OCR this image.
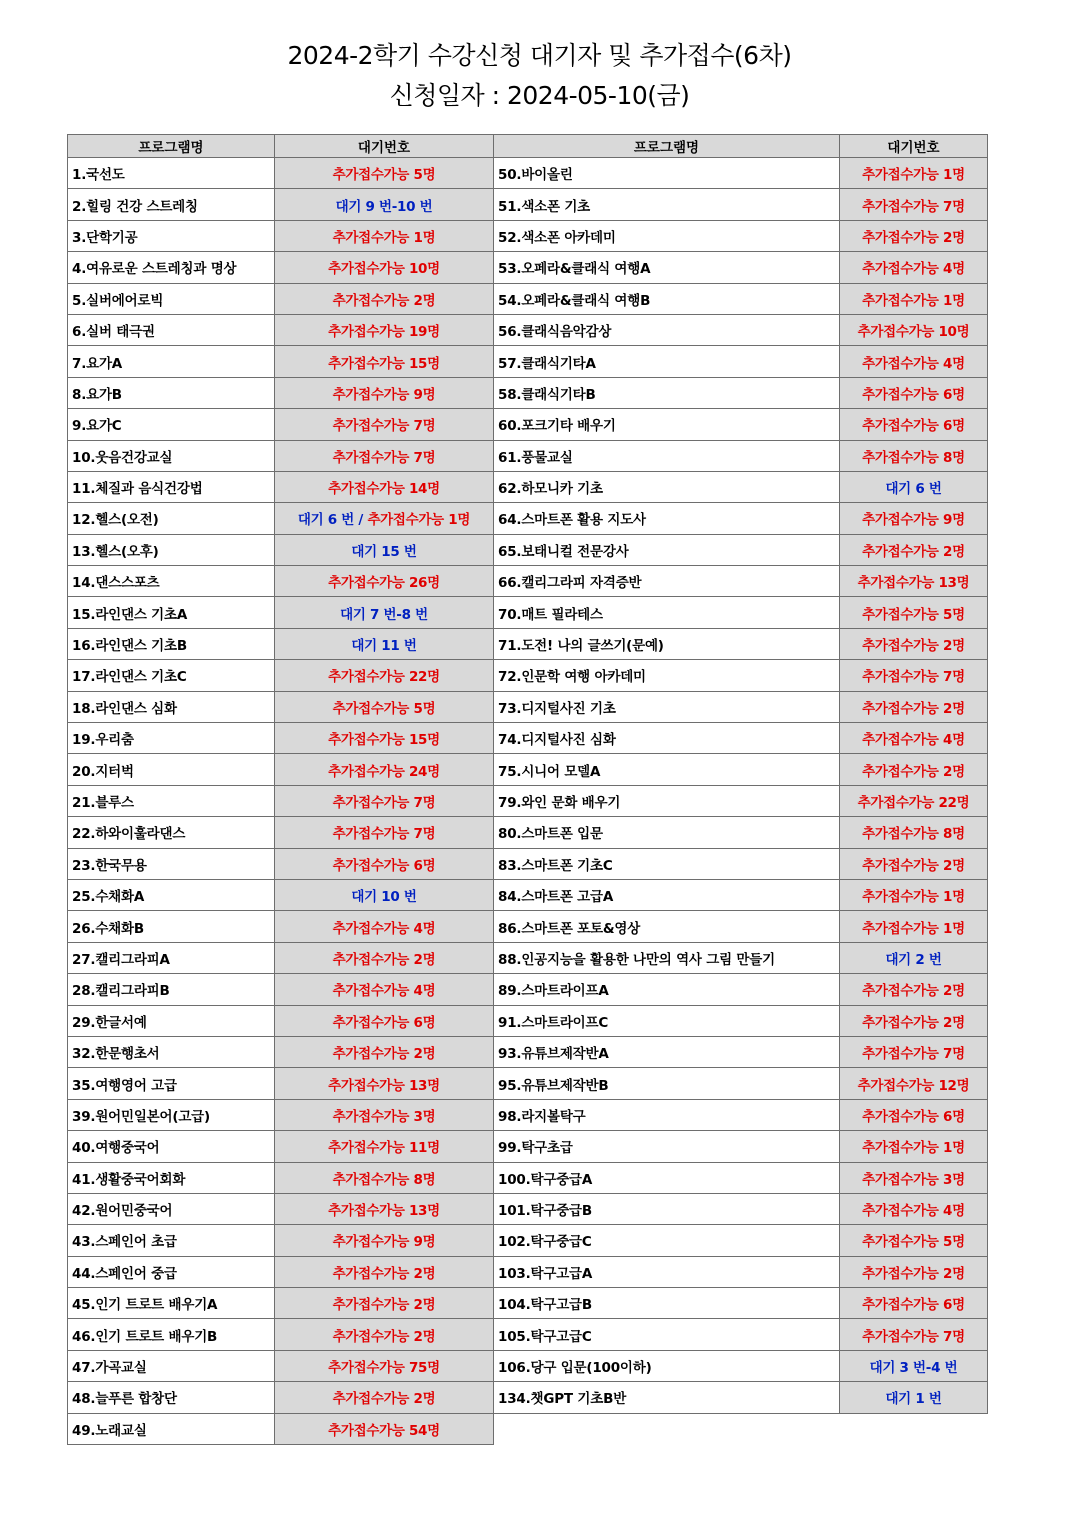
2024-2학기 수강신청 대기자 및 추가접수(6차)
신청일자 : 2024-05-10(금)
프로그램명	대기번호	프로그램명	대기번호
1.국선도	추가접수가능 5명	50.바이올린	추가접수가능 1명
2.힐링 건강 스트레칭	대기 9 번-10 번	51.색소폰 기초	추가접수가능 7명
3.단학기공	추가접수가능 1명	52.색소폰 아카데미	추가접수가능 2명
4.여유로운 스트레칭과 명상	추가접수가능 10명	53.오페라&클래식 여행A	추가접수가능 4명
5.실버에어로빅	추가접수가능 2명	54.오페라&클래식 여행B	추가접수가능 1명
6.실버 태극권	추가접수가능 19명	56.클래식음악감상	추가접수가능 10명
7.요가A	추가접수가능 15명	57.클래식기타A	추가접수가능 4명
8.요가B	추가접수가능 9명	58.클래식기타B	추가접수가능 6명
9.요가C	추가접수가능 7명	60.포크기타 배우기	추가접수가능 6명
10.웃음건강교실	추가접수가능 7명	61.풍물교실	추가접수가능 8명
11.체질과 음식건강법	추가접수가능 14명	62.하모니카 기초	대기 6 번
12.헬스(오전)	대기 6 번 / 추가접수가능 1명	64.스마트폰 활용 지도사	추가접수가능 9명
13.헬스(오후)	대기 15 번	65.보태니컬 전문강사	추가접수가능 2명
14.댄스스포츠	추가접수가능 26명	66.캘리그라피 자격증반	추가접수가능 13명
15.라인댄스 기초A	대기 7 번-8 번	70.매트 필라테스	추가접수가능 5명
16.라인댄스 기초B	대기 11 번	71.도전! 나의 글쓰기(문예)	추가접수가능 2명
17.라인댄스 기초C	추가접수가능 22명	72.인문학 여행 아카데미	추가접수가능 7명
18.라인댄스 심화	추가접수가능 5명	73.디지털사진 기초	추가접수가능 2명
19.우리춤	추가접수가능 15명	74.디지털사진 심화	추가접수가능 4명
20.지터벅	추가접수가능 24명	75.시니어 모델A	추가접수가능 2명
21.블루스	추가접수가능 7명	79.와인 문화 배우기	추가접수가능 22명
22.하와이훌라댄스	추가접수가능 7명	80.스마트폰 입문	추가접수가능 8명
23.한국무용	추가접수가능 6명	83.스마트폰 기초C	추가접수가능 2명
25.수채화A	대기 10 번	84.스마트폰 고급A	추가접수가능 1명
26.수채화B	추가접수가능 4명	86.스마트폰 포토&영상	추가접수가능 1명
27.캘리그라피A	추가접수가능 2명	88.인공지능을 활용한 나만의 역사 그림 만들기	대기 2 번
28.캘리그라피B	추가접수가능 4명	89.스마트라이프A	추가접수가능 2명
29.한글서예	추가접수가능 6명	91.스마트라이프C	추가접수가능 2명
32.한문행초서	추가접수가능 2명	93.유튜브제작반A	추가접수가능 7명
35.여행영어 고급	추가접수가능 13명	95.유튜브제작반B	추가접수가능 12명
39.원어민일본어(고급)	추가접수가능 3명	98.라지볼탁구	추가접수가능 6명
40.여행중국어	추가접수가능 11명	99.탁구초급	추가접수가능 1명
41.생활중국어회화	추가접수가능 8명	100.탁구중급A	추가접수가능 3명
42.원어민중국어	추가접수가능 13명	101.탁구중급B	추가접수가능 4명
43.스페인어 초급	추가접수가능 9명	102.탁구중급C	추가접수가능 5명
44.스페인어 중급	추가접수가능 2명	103.탁구고급A	추가접수가능 2명
45.인기 트로트 배우기A	추가접수가능 2명	104.탁구고급B	추가접수가능 6명
46.인기 트로트 배우기B	추가접수가능 2명	105.탁구고급C	추가접수가능 7명
47.가곡교실	추가접수가능 75명	106.당구 입문(100이하)	대기 3 번-4 번
48.늘푸른 합창단	추가접수가능 2명	134.챗GPT 기초B반	대기 1 번
49.노래교실	추가접수가능 54명		
